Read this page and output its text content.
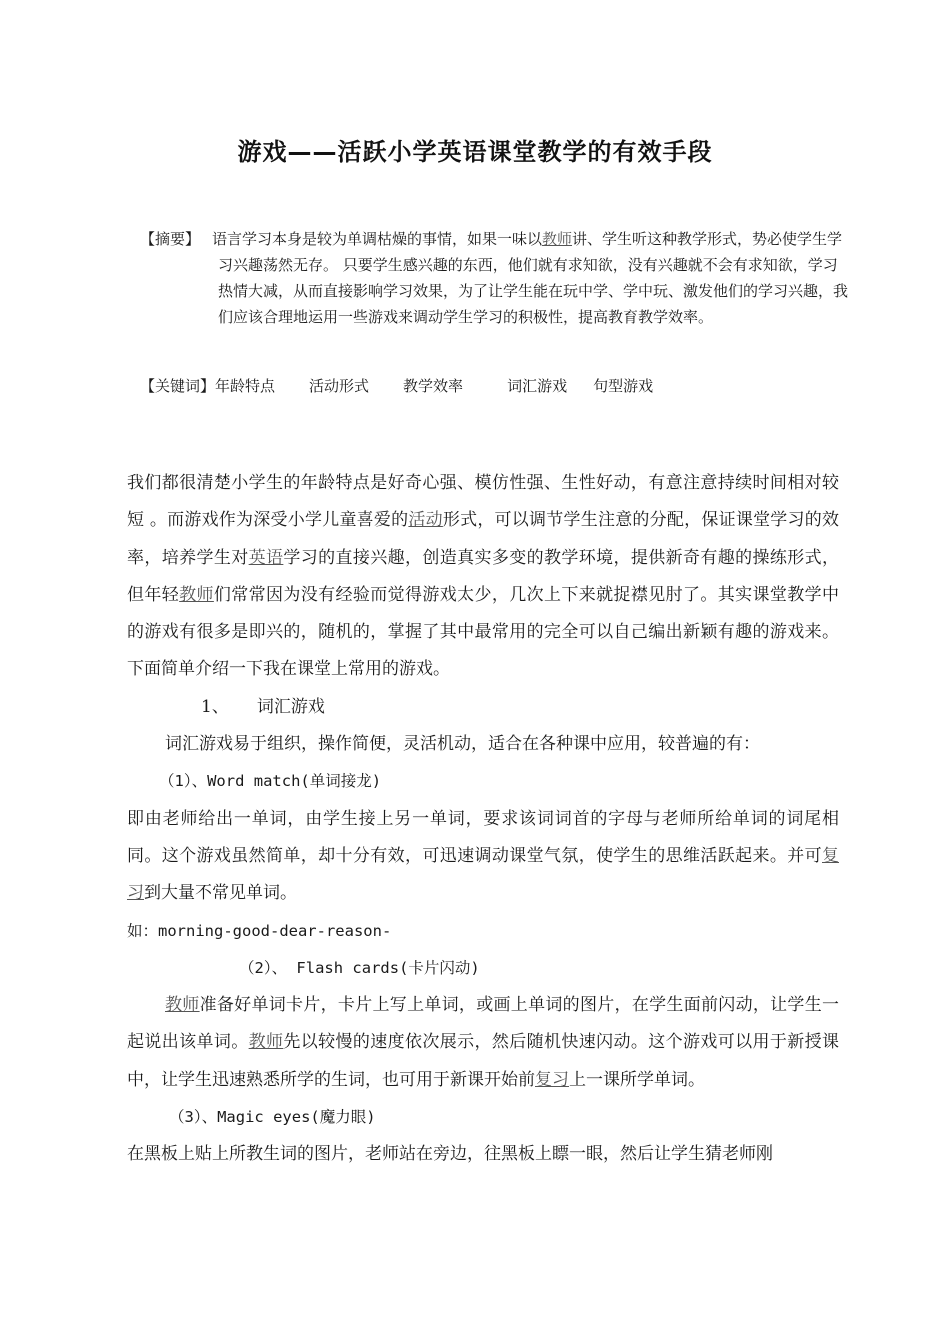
游戏——活跃小学英语课堂教学的有效手段
【摘要】 语言学习本身是较为单调枯燥的事情，如果一味以教师讲、学生听这种教学形式，势必使学生学习兴趣荡然无存。 只要学生感兴趣的东西，他们就有求知欲，没有兴趣就不会有求知欲，学习热情大减，从而直接影响学习效果，为了让学生能在玩中学、学中玩、激发他们的学习兴趣，我们应该合理地运用一些游戏来调动学生学习的积极性，提高教育教学效率。
【关键词】年龄特点 活动形式 教学效率	词汇游戏 句型游戏

我们都很清楚小学生的年龄特点是好奇心强、模仿性强、生性好动，有意注意持续时间相对较短 。而游戏作为深受小学儿童喜爱的活动形式，可以调节学生注意的分配，保证课堂学习的效率，培养学生对英语学习的直接兴趣，创造真实多变的教学环境，提供新奇有趣的操练形式，但年轻教师们常常因为没有经验而觉得游戏太少，几次上下来就捉襟见肘了。其实课堂教学中的游戏有很多是即兴的，随机的，掌握了其中最常用的完全可以自己编出新颖有趣的游戏来。下面简单介绍一下我在课堂上常用的游戏。

1、 词汇游戏

词汇游戏易于组织，操作简便，灵活机动，适合在各种课中应用，较普遍的有：

（1）、Word match(单词接龙)

即由老师给出一单词，由学生接上另一单词，要求该词词首的字母与老师所给单词的词尾相同。这个游戏虽然简单，却十分有效，可迅速调动课堂气氛，使学生的思维活跃起来。并可复习到大量不常见单词。

如：morning-good-dear-reason-

（2）、 Flash cards(卡片闪动)

教师准备好单词卡片，卡片上写上单词，或画上单词的图片，在学生面前闪动，让学生一起说出该单词。教师先以较慢的速度依次展示，然后随机快速闪动。这个游戏可以用于新授课中，让学生迅速熟悉所学的生词，也可用于新课开始前复习上一课所学单词。

（3）、Magic eyes(魔力眼)

在黑板上贴上所教生词的图片，老师站在旁边，往黑板上瞟一眼，然后让学生猜老师刚
